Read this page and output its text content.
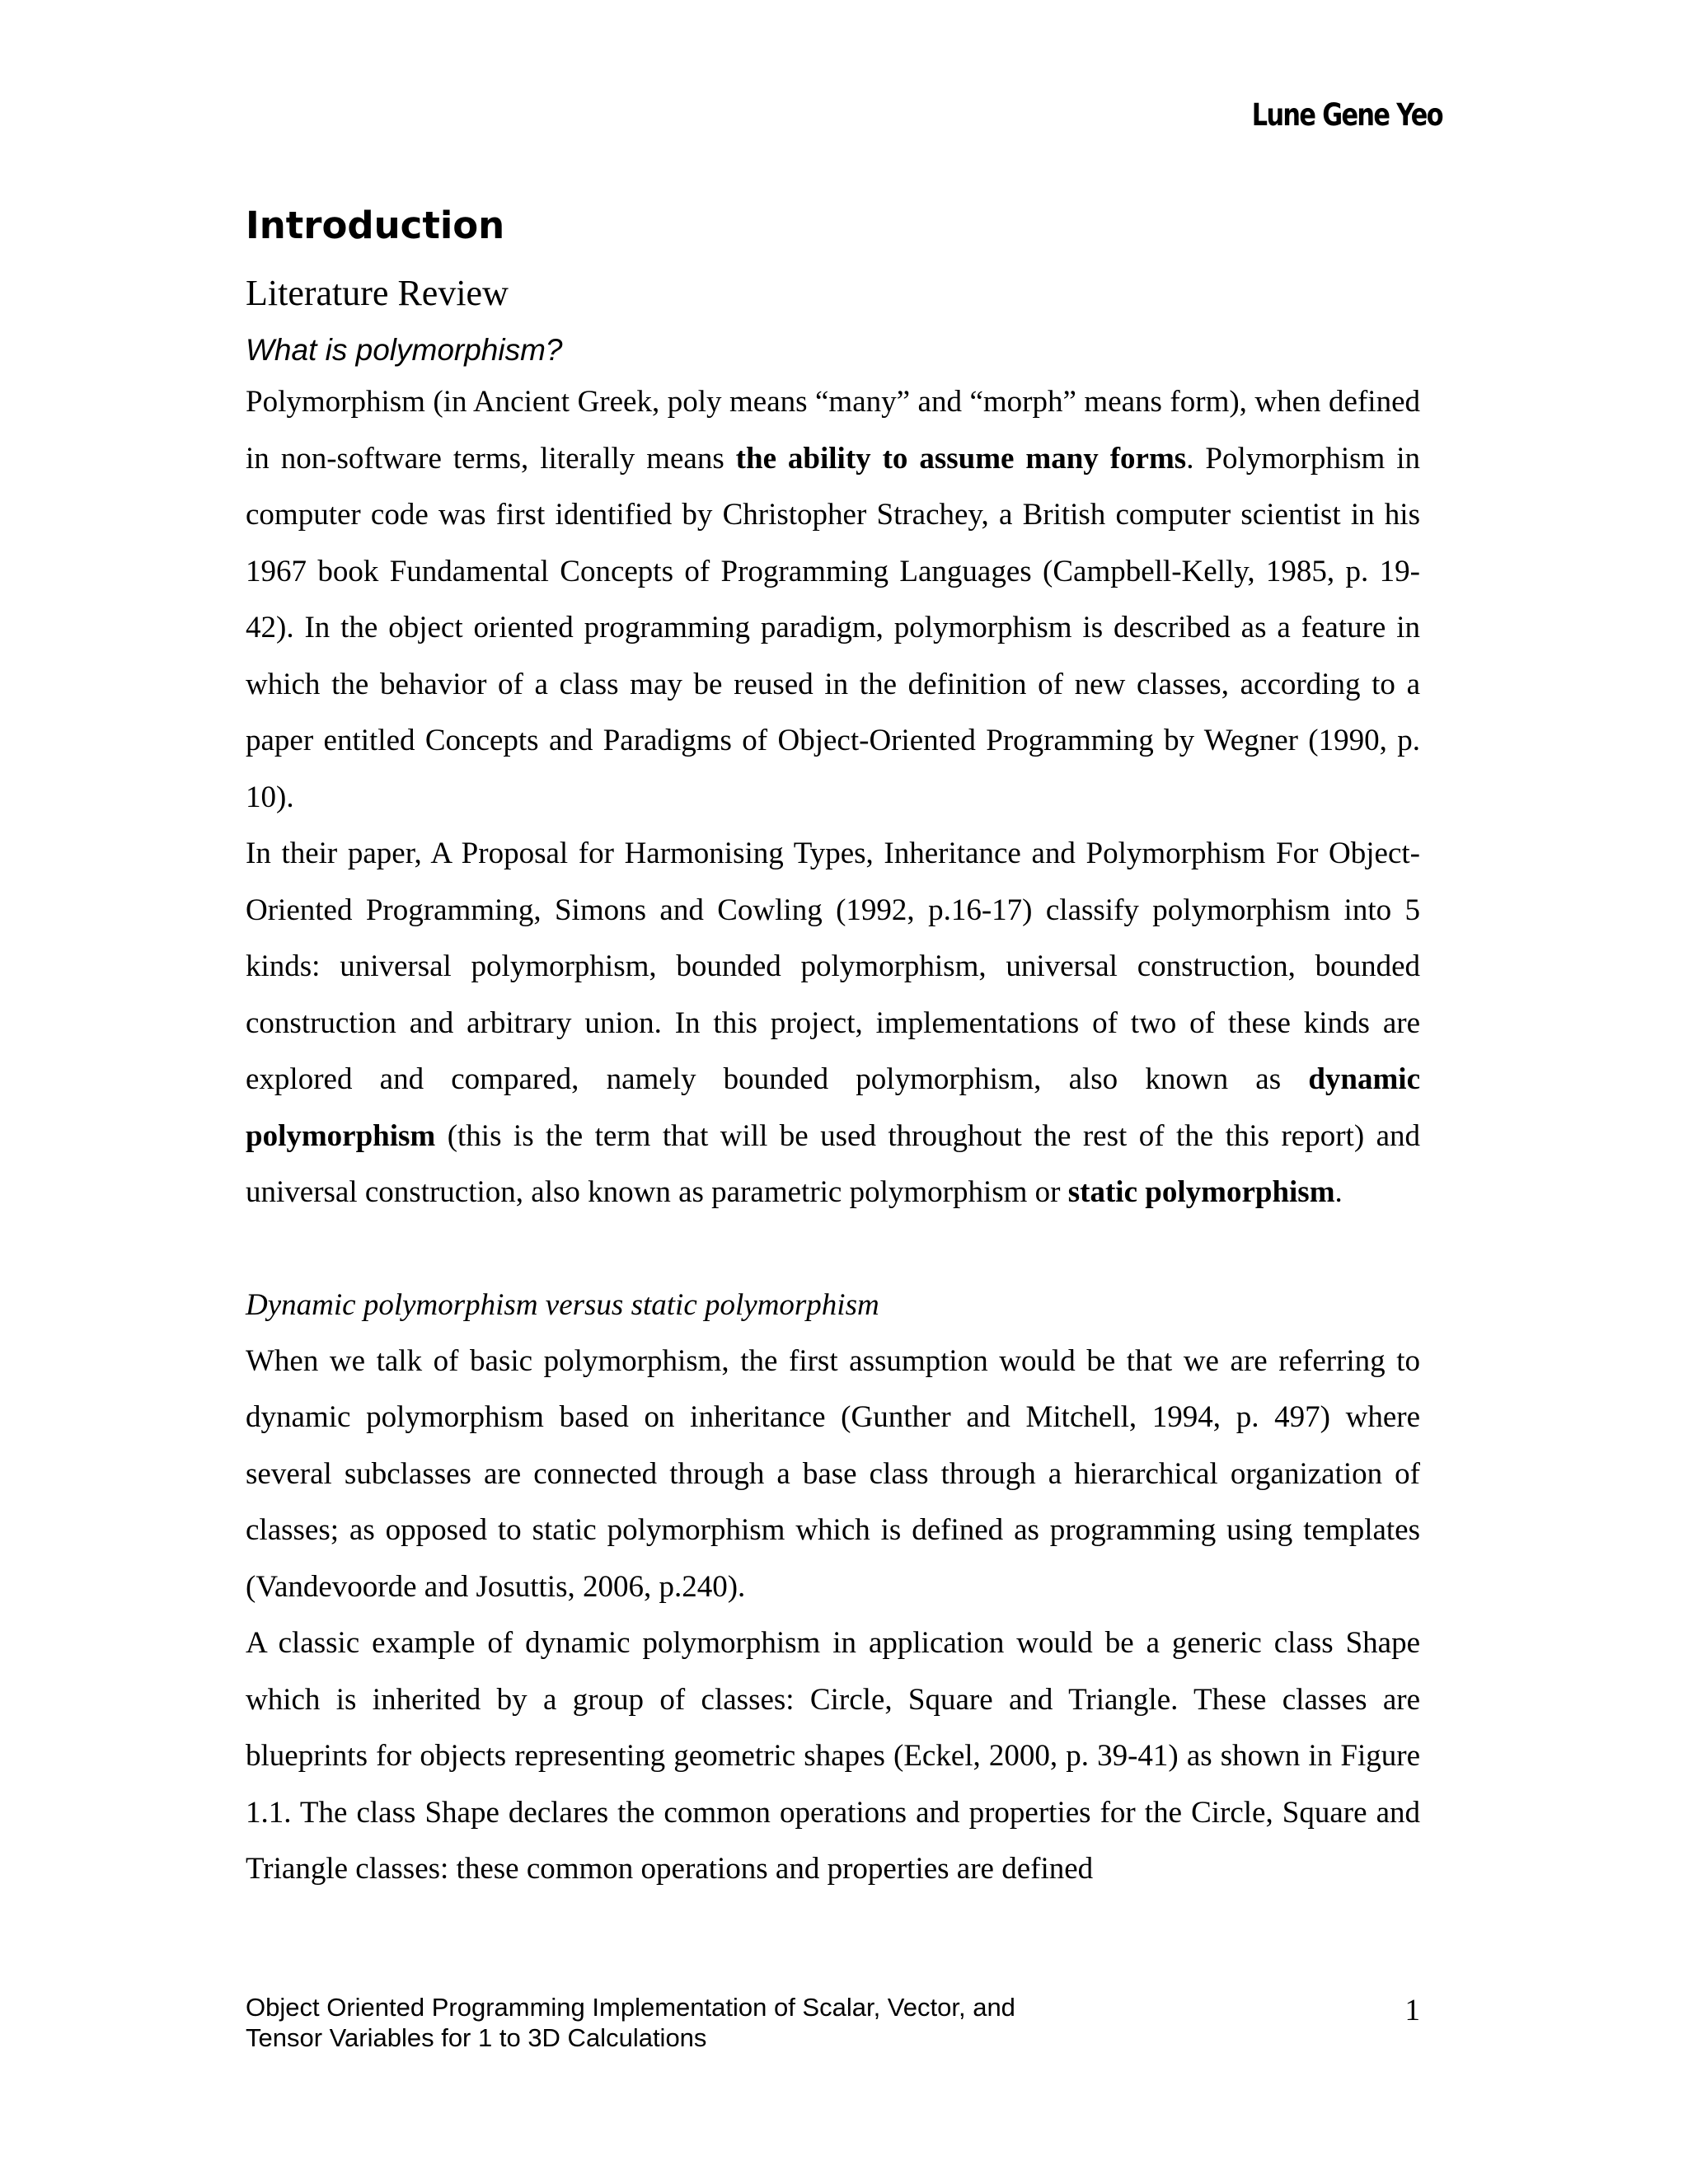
Lune Gene Yeo
Introduction
Literature Review
What is polymorphism?

Polymorphism (in Ancient Greek, poly means “many” and “morph” means form), when defined in non-software terms, literally means the ability to assume many forms. Polymorphism in computer code was first identified by Christopher Strachey, a British computer scientist in his 1967 book Fundamental Concepts of Programming Languages (Campbell-Kelly, 1985, p. 19-42). In the object oriented programming paradigm, polymorphism is described as a feature in which the behavior of a class may be reused in the definition of new classes, according to a paper entitled Concepts and Paradigms of Object-Oriented Programming by Wegner (1990, p. 10).

In their paper, A Proposal for Harmonising Types, Inheritance and Polymorphism For Object-Oriented Programming, Simons and Cowling (1992, p.16-17) classify polymorphism into 5 kinds: universal polymorphism, bounded polymorphism, universal construction, bounded construction and arbitrary union. In this project, implementations of two of these kinds are explored and compared, namely bounded polymorphism, also known as dynamic polymorphism (this is the term that will be used throughout the rest of the this report) and universal construction, also known as parametric polymorphism or static polymorphism.

Dynamic polymorphism versus static polymorphism

When we talk of basic polymorphism, the first assumption would be that we are referring to dynamic polymorphism based on inheritance (Gunther and Mitchell, 1994, p. 497) where several subclasses are connected through a base class through a hierarchical organization of classes; as opposed to static polymorphism which is defined as programming using templates (Vandevoorde and Josuttis, 2006, p.240).

A classic example of dynamic polymorphism in application would be a generic class Shape which is inherited by a group of classes: Circle, Square and Triangle. These classes are blueprints for objects representing geometric shapes (Eckel, 2000, p. 39-41) as shown in Figure 1.1. The class Shape declares the common operations and properties for the Circle, Square and Triangle classes: these common operations and properties are defined

Object Oriented Programming Implementation of Scalar, Vector, and
Tensor Variables for 1 to 3D Calculations
1
